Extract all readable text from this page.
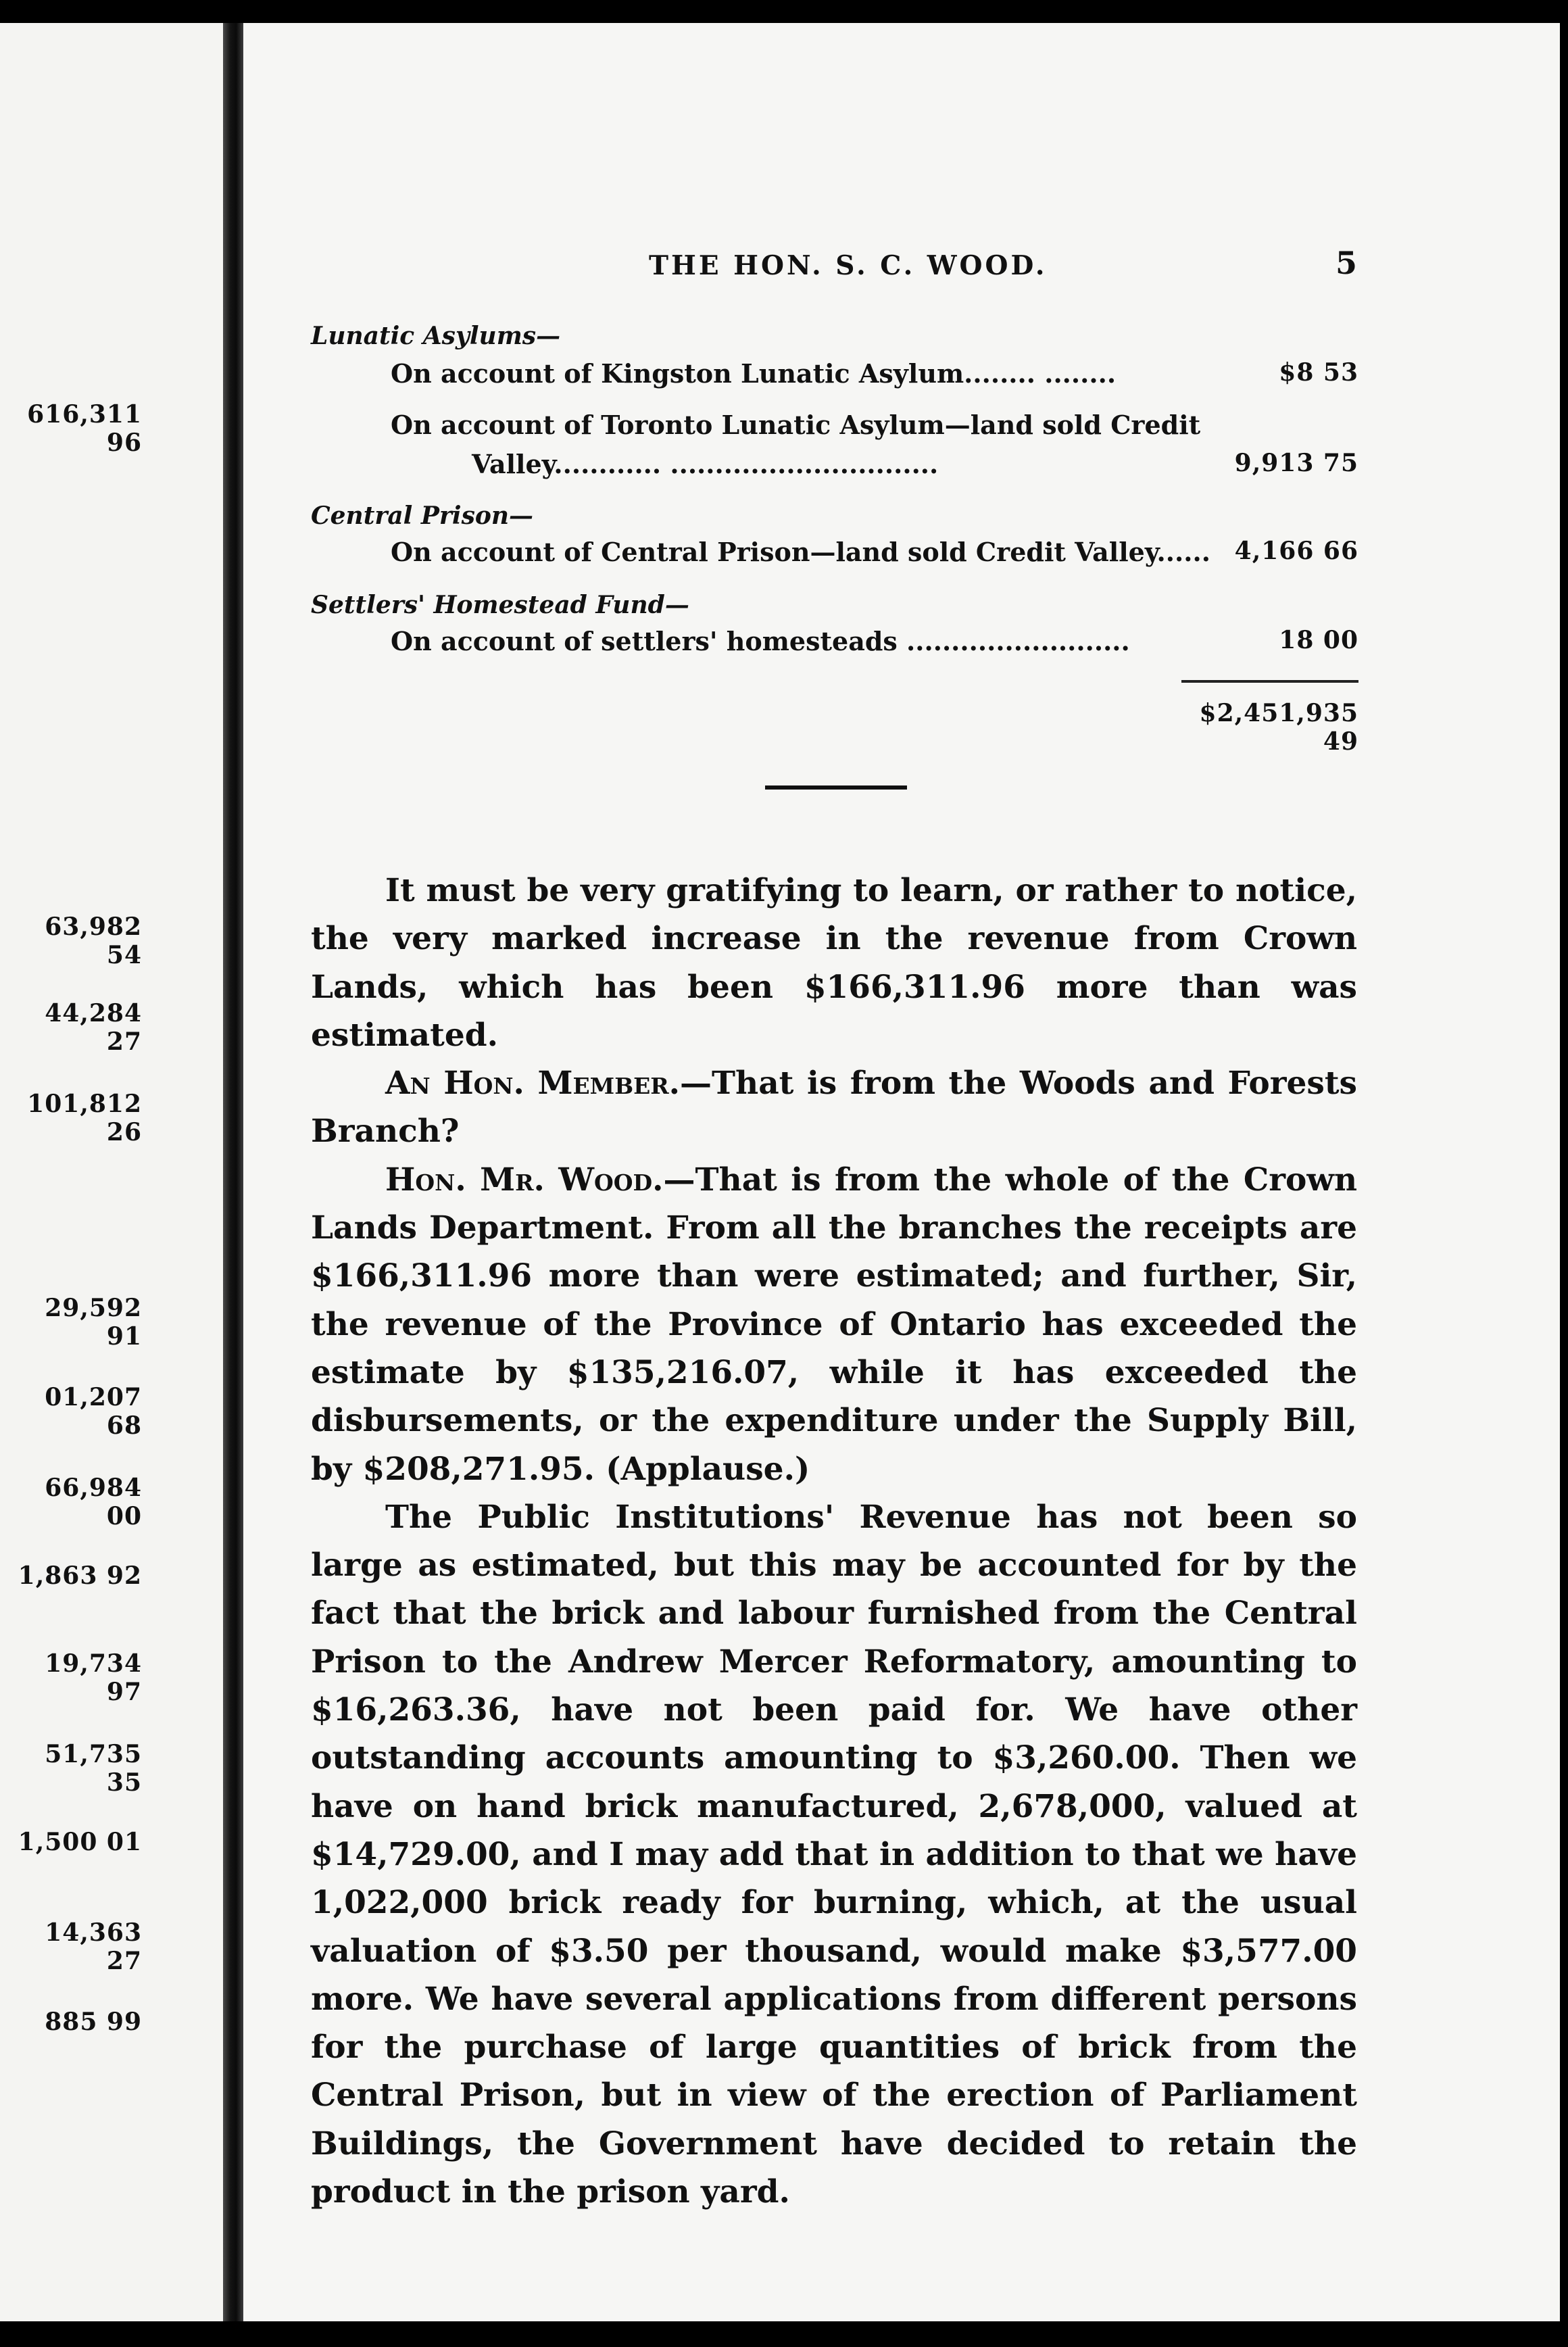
616,311 96
63,982 54
44,284 27
101,812 26
29,592 91
01,207 68
66,984 00
1,863 92
19,734 97
51,735 35
1,500 01
14,363 27
885 99
THE HON. S. C. WOOD.	5
Lunatic Asylums—
On account of Kingston Lunatic Asylum........ ........	$8 53
On account of Toronto Lunatic Asylum—land sold Credit
Valley............ ..............................	9,913 75
Central Prison—
On account of Central Prison—land sold Credit Valley...... 4,166 66
Settlers' Homestead Fund—
On account of settlers' homesteads .........................	18 00
$2,451,935 49

It must be very gratifying to learn, or rather to notice, the very marked increase in the revenue from Crown Lands, which has been $166,311.96 more than was estimated.

An Hon. Member.—That is from the Woods and Forests Branch?

Hon. Mr. Wood.—That is from the whole of the Crown Lands Department. From all the branches the receipts are $166,311.96 more than were estimated; and further, Sir, the revenue of the Province of Ontario has exceeded the estimate by $135,216.07, while it has exceeded the disbursements, or the expenditure under the Supply Bill, by $208,271.95. (Applause.)

The Public Institutions' Revenue has not been so large as estimated, but this may be accounted for by the fact that the brick and labour furnished from the Central Prison to the Andrew Mercer Reformatory, amounting to $16,263.36, have not been paid for. We have other outstanding accounts amounting to $3,260.00. Then we have on hand brick manufactured, 2,678,000, valued at $14,729.00, and I may add that in addition to that we have 1,022,000 brick ready for burning, which, at the usual valuation of $3.50 per thousand, would make $3,577.00 more. We have several applications from different persons for the purchase of large quantities of brick from the Central Prison, but in view of the erection of Parliament Buildings, the Government have decided to retain the product in the prison yard.
